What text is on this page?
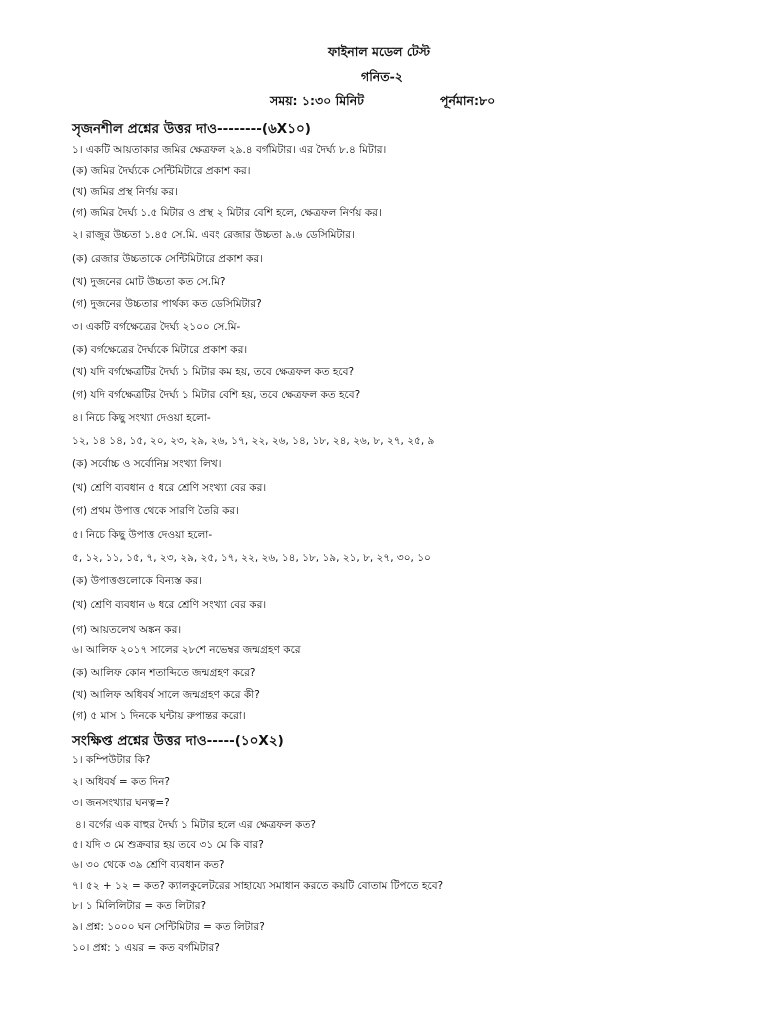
ফাইনাল মডেল টেস্ট
গনিত-২
সময়: ১:৩০ মিনিট	পূর্নমান:৮০
সৃজনশীল প্রশ্নের উত্তর দাও--------(৬X১০)
১। একটি আয়তাকার জমির ক্ষেত্রফল ২৯.৪ বর্গমিটার। এর দৈর্ঘ্য ৮.৪ মিটার।
(ক) জমির দৈর্ঘ্যকে সেন্টিমিটারে প্রকাশ কর।
(খ) জমির প্রস্থ নির্ণয় কর।
(গ) জমির দৈর্ঘ্য ১.৫ মিটার ও প্রস্থ ২ মিটার বেশি হলে, ক্ষেত্রফল নির্ণয় কর।
২। রাজুর উচ্চতা ১.৪৫ সে.মি. এবং রেজার উচ্চতা ৯.৬ ডেসিমিটার।
(ক) রেজার উচ্চতাকে সেন্টিমিটারে প্রকাশ কর।
(খ) দুজনের মোট উচ্চতা কত সে.মি?
(গ) দুজনের উচ্চতার পার্থক্য কত ডেসিমিটার?
৩। একটি বর্গক্ষেত্রের দৈর্ঘ্য ২১০০ সে.মি-
(ক) বর্গক্ষেত্রের দৈর্ঘ্যকে মিটারে প্রকাশ কর।
(খ) যদি বর্গক্ষেত্রটির দৈর্ঘ্য ১ মিটার কম হয়, তবে ক্ষেত্রফল কত হবে?
(গ) যদি বর্গক্ষেত্রটির দৈর্ঘ্য ১ মিটার বেশি হয়, তবে ক্ষেত্রফল কত হবে?
৪। নিচে কিছু সংখ্যা দেওয়া হলো-
১২, ১৪ ১৪, ১৫, ২০, ২৩, ২৯, ২৬, ১৭, ২২, ২৬, ১৪, ১৮, ২৪, ২৬, ৮, ২৭, ২৫, ৯
(ক) সর্বোচ্চ ও সর্বোনিম্ন সংখ্যা লিখ।
(খ) শ্রেণি ব্যবধান ৫ ধরে শ্রেণি সংখ্যা বের কর।
(গ) প্রথম উপাত্ত থেকে সারণি তৈরি কর।
৫। নিচে কিছু উপাত্ত দেওয়া হলো-
৫, ১২, ১১, ১৫, ৭, ২৩, ২৯, ২৫, ১৭, ২২, ২৬, ১৪, ১৮, ১৯, ২১, ৮, ২৭, ৩০, ১০
(ক) উপাত্তগুলোকে বিন্যস্ত কর।
(খ) শ্রেণি ব্যবধান ৬ ধরে শ্রেণি সংখ্যা বের কর।
(গ) আয়তলেখ অঙ্কন কর।
৬। আলিফ ২০১৭ সালের ২৮শে নভেম্বর জন্মগ্রহণ করে
(ক) আলিফ কোন শতাব্দিতে জন্মগ্রহণ করে?
(খ) আলিফ অধিবর্ষ সালে জন্মগ্রহণ করে কী?
(গ) ৫ মাস ১ দিনকে ঘন্টায় রুপান্তর করো।
সংক্ষিপ্ত প্রশ্নের উত্তর দাও-----(১০X২)
১। কম্পিউটার কি?
২। অধিবর্ষ = কত দিন?
৩। জনসংখ্যার ঘনত্ব=?
৪। বর্গের এক বাহুর দৈর্ঘ্য ১ মিটার হলে এর ক্ষেত্রফল কত?
৫। যদি ৩ মে শুক্রবার হয় তবে ৩১ মে কি বার?
৬। ৩০ থেকে ৩৯ শ্রেণি ব্যবধান কত?
৭। ৫২ + ১২ = কত? ক্যালকুলেটরের সাহায্যে সমাধান করতে কয়টি বোতাম টিপতে হবে?
৮। ১ মিলিলিটার = কত লিটার?
৯। প্রশ্ন: ১০০০ ঘন সেন্টিমিটার = কত লিটার?
১০। প্রশ্ন: ১ এয়র = কত বর্গমিটার?
